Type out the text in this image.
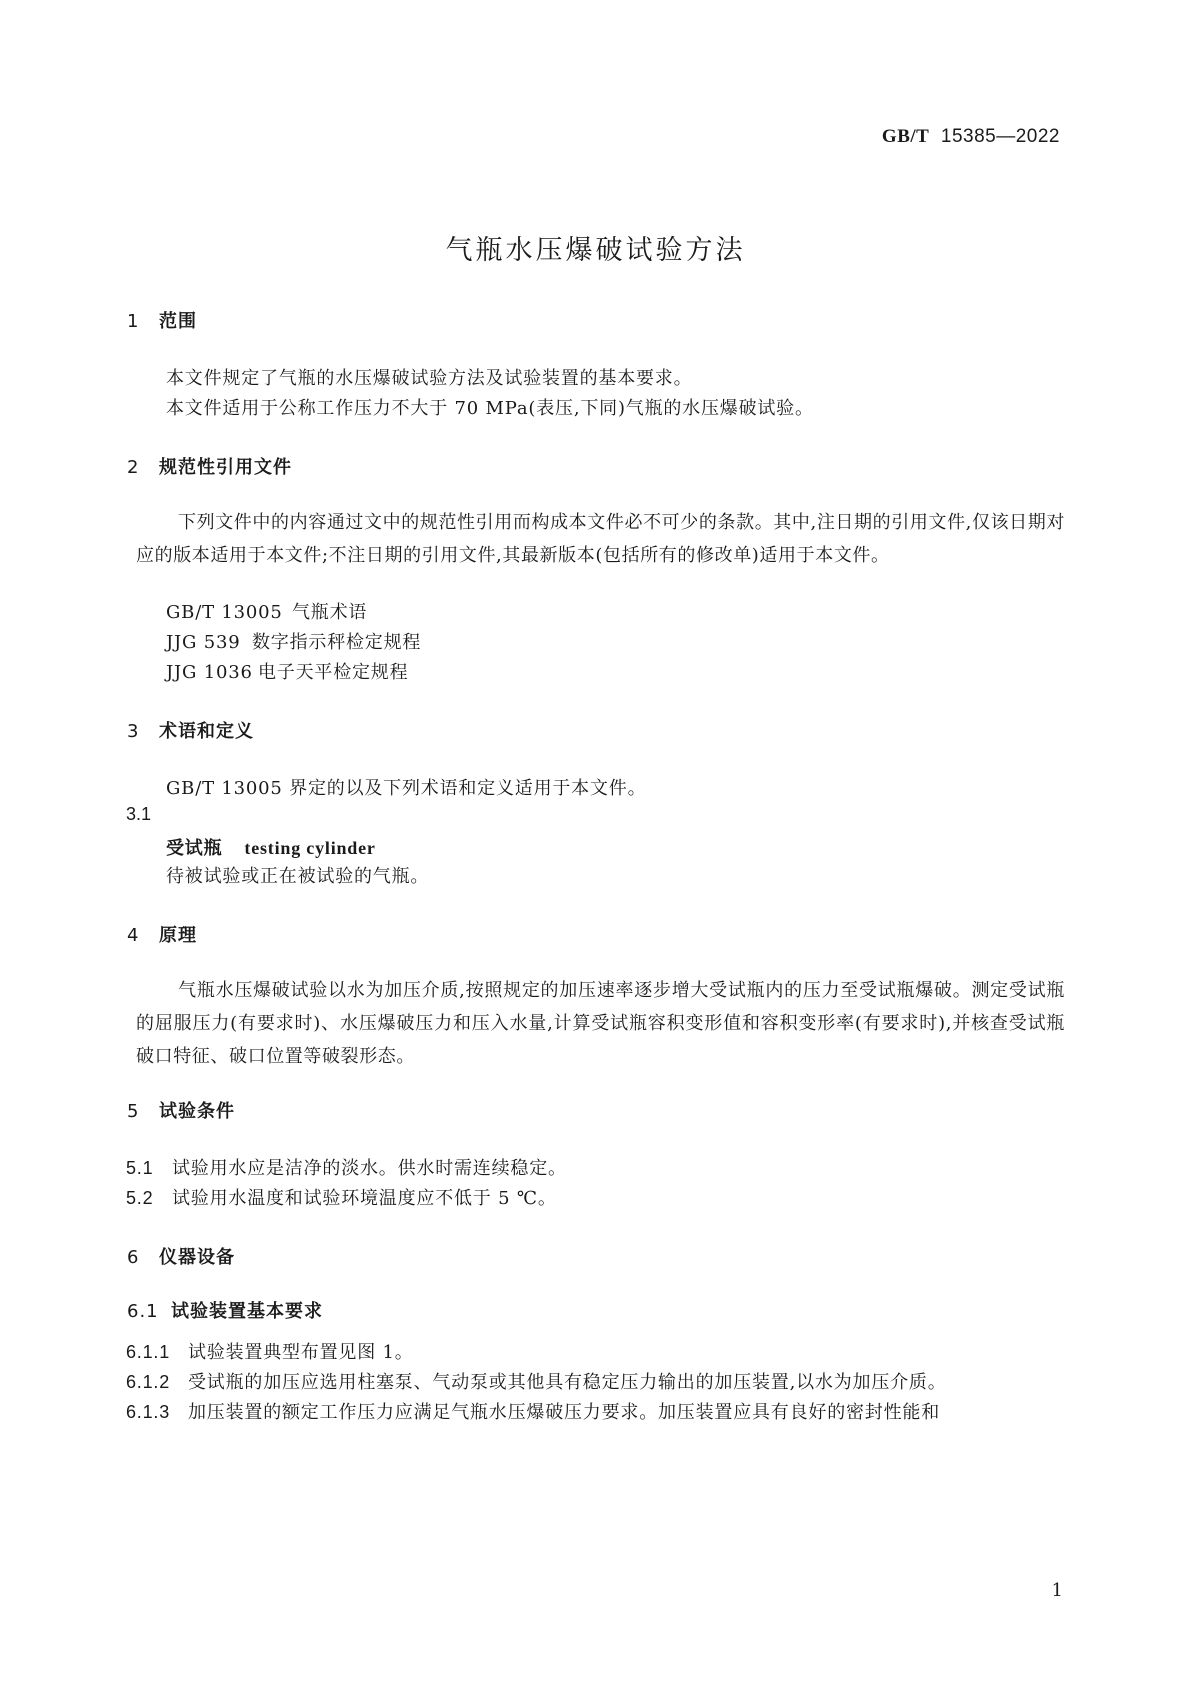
GB/T 15385—2022
气瓶水压爆破试验方法
1 范围
本文件规定了气瓶的水压爆破试验方法及试验装置的基本要求。
本文件适用于公称工作压力不大于 70 MPa(表压,下同)气瓶的水压爆破试验。
2 规范性引用文件
下列文件中的内容通过文中的规范性引用而构成本文件必不可少的条款。其中,注日期的引用文件,仅该日期对应的版本适用于本文件;不注日期的引用文件,其最新版本(包括所有的修改单)适用于本文件。
GB/T 13005 气瓶术语
JJG 539 数字指示秤检定规程
JJG 1036 电子天平检定规程
3 术语和定义
GB/T 13005 界定的以及下列术语和定义适用于本文件。
3.1
受试瓶 testing cylinder
待被试验或正在被试验的气瓶。
4 原理
气瓶水压爆破试验以水为加压介质,按照规定的加压速率逐步增大受试瓶内的压力至受试瓶爆破。测定受试瓶的屈服压力(有要求时)、水压爆破压力和压入水量,计算受试瓶容积变形值和容积变形率(有要求时),并核查受试瓶破口特征、破口位置等破裂形态。
5 试验条件
5.1 试验用水应是洁净的淡水。供水时需连续稳定。
5.2 试验用水温度和试验环境温度应不低于 5 ℃。
6 仪器设备
6.1 试验装置基本要求
6.1.1 试验装置典型布置见图 1。
6.1.2 受试瓶的加压应选用柱塞泵、气动泵或其他具有稳定压力输出的加压装置,以水为加压介质。
6.1.3 加压装置的额定工作压力应满足气瓶水压爆破压力要求。加压装置应具有良好的密封性能和
1
